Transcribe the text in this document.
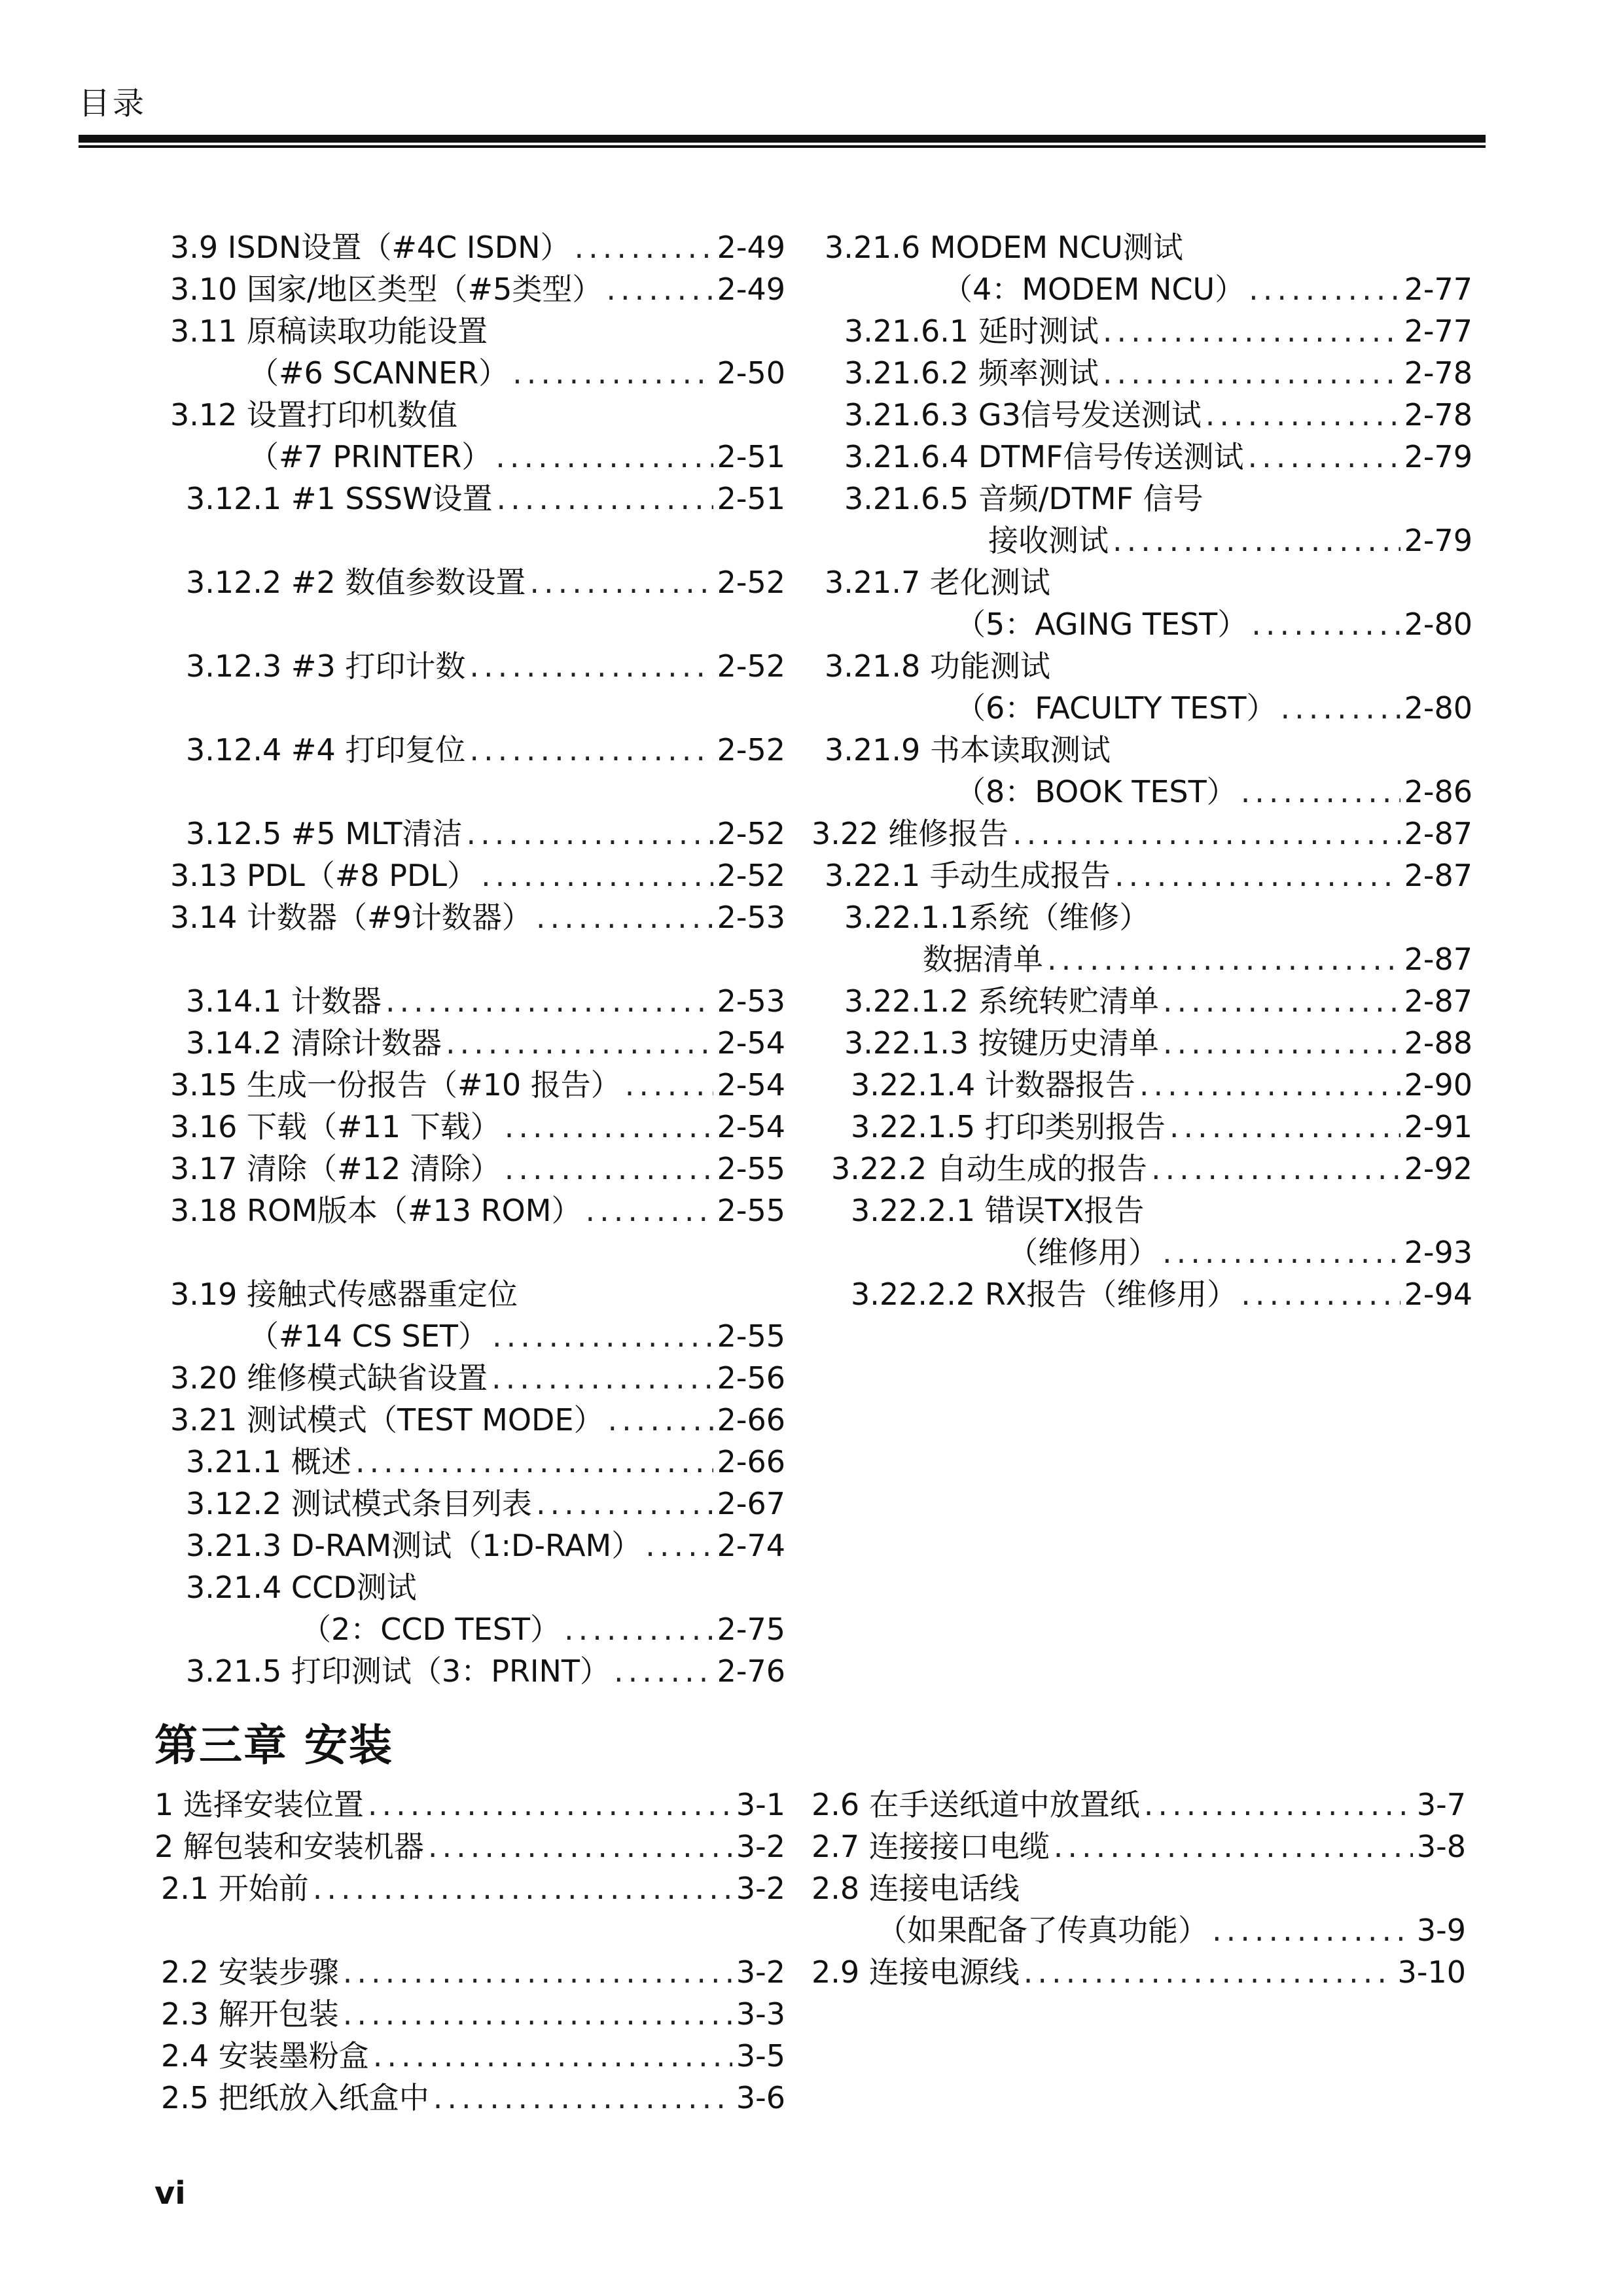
目录
3.9 ISDN设置（#4C ISDN） .....	2-49
3.10 国家/地区类型（#5类型） .....	2-49
3.11 原稿读取功能设置
（#6 SCANNER） .....	2-50
3.12 设置打印机数值
（#7 PRINTER） .....	2-51
3.12.1 #1 SSSW设置 .....	2-51
3.12.2 #2 数值参数设置 .....	2-52
3.12.3 #3 打印计数 .....	2-52
3.12.4 #4 打印复位 .....	2-52
3.12.5 #5 MLT清洁 .....	2-52
3.13 PDL（#8 PDL） .....	2-52
3.14 计数器（#9计数器） .....	2-53
3.14.1 计数器 .....	2-53
3.14.2 清除计数器 .....	2-54
3.15 生成一份报告（#10 报告） .....	2-54
3.16 下载（#11 下载） .....	2-54
3.17 清除（#12 清除） .....	2-55
3.18 ROM版本（#13 ROM） .....	2-55
3.19 接触式传感器重定位
（#14 CS SET） .....	2-55
3.20 维修模式缺省设置 .....	2-56
3.21 测试模式（TEST MODE） .....	2-66
3.21.1 概述 .....	2-66
3.12.2 测试模式条目列表 .....	2-67
3.21.3 D-RAM测试（1:D-RAM） .....	2-74
3.21.4 CCD测试
（2：CCD TEST） .....	2-75
3.21.5 打印测试（3：PRINT） .....	2-76
3.21.6 MODEM NCU测试
（4：MODEM NCU） .....	2-77
3.21.6.1 延时测试 .....	2-77
3.21.6.2 频率测试 .....	2-78
3.21.6.3 G3信号发送测试 .....	2-78
3.21.6.4 DTMF信号传送测试 .....	2-79
3.21.6.5 音频/DTMF 信号
接收测试 .....	2-79
3.21.7 老化测试
（5：AGING TEST） .....	2-80
3.21.8 功能测试
（6：FACULTY TEST） .....	2-80
3.21.9 书本读取测试
（8：BOOK TEST） .....	2-86
3.22 维修报告 .....	2-87
3.22.1 手动生成报告 .....	2-87
3.22.1.1系统（维修）
数据清单 .....	2-87
3.22.1.2 系统转贮清单 .....	2-87
3.22.1.3 按键历史清单 .....	2-88
3.22.1.4 计数器报告 .....	2-90
3.22.1.5 打印类别报告 .....	2-91
3.22.2 自动生成的报告 .....	2-92
3.22.2.1 错误TX报告
（维修用） .....	2-93
3.22.2.2 RX报告（维修用） .....	2-94
第三章 安装
1 选择安装位置 .....	3-1
2 解包装和安装机器 .....	3-2
2.1 开始前 .....	3-2
2.2 安装步骤 .....	3-2
2.3 解开包装 .....	3-3
2.4 安装墨粉盒 .....	3-5
2.5 把纸放入纸盒中 .....	3-6
2.6 在手送纸道中放置纸 .....	3-7
2.7 连接接口电缆 .....	3-8
2.8 连接电话线
（如果配备了传真功能） .....	3-9
2.9 连接电源线 .....	3-10
vi
